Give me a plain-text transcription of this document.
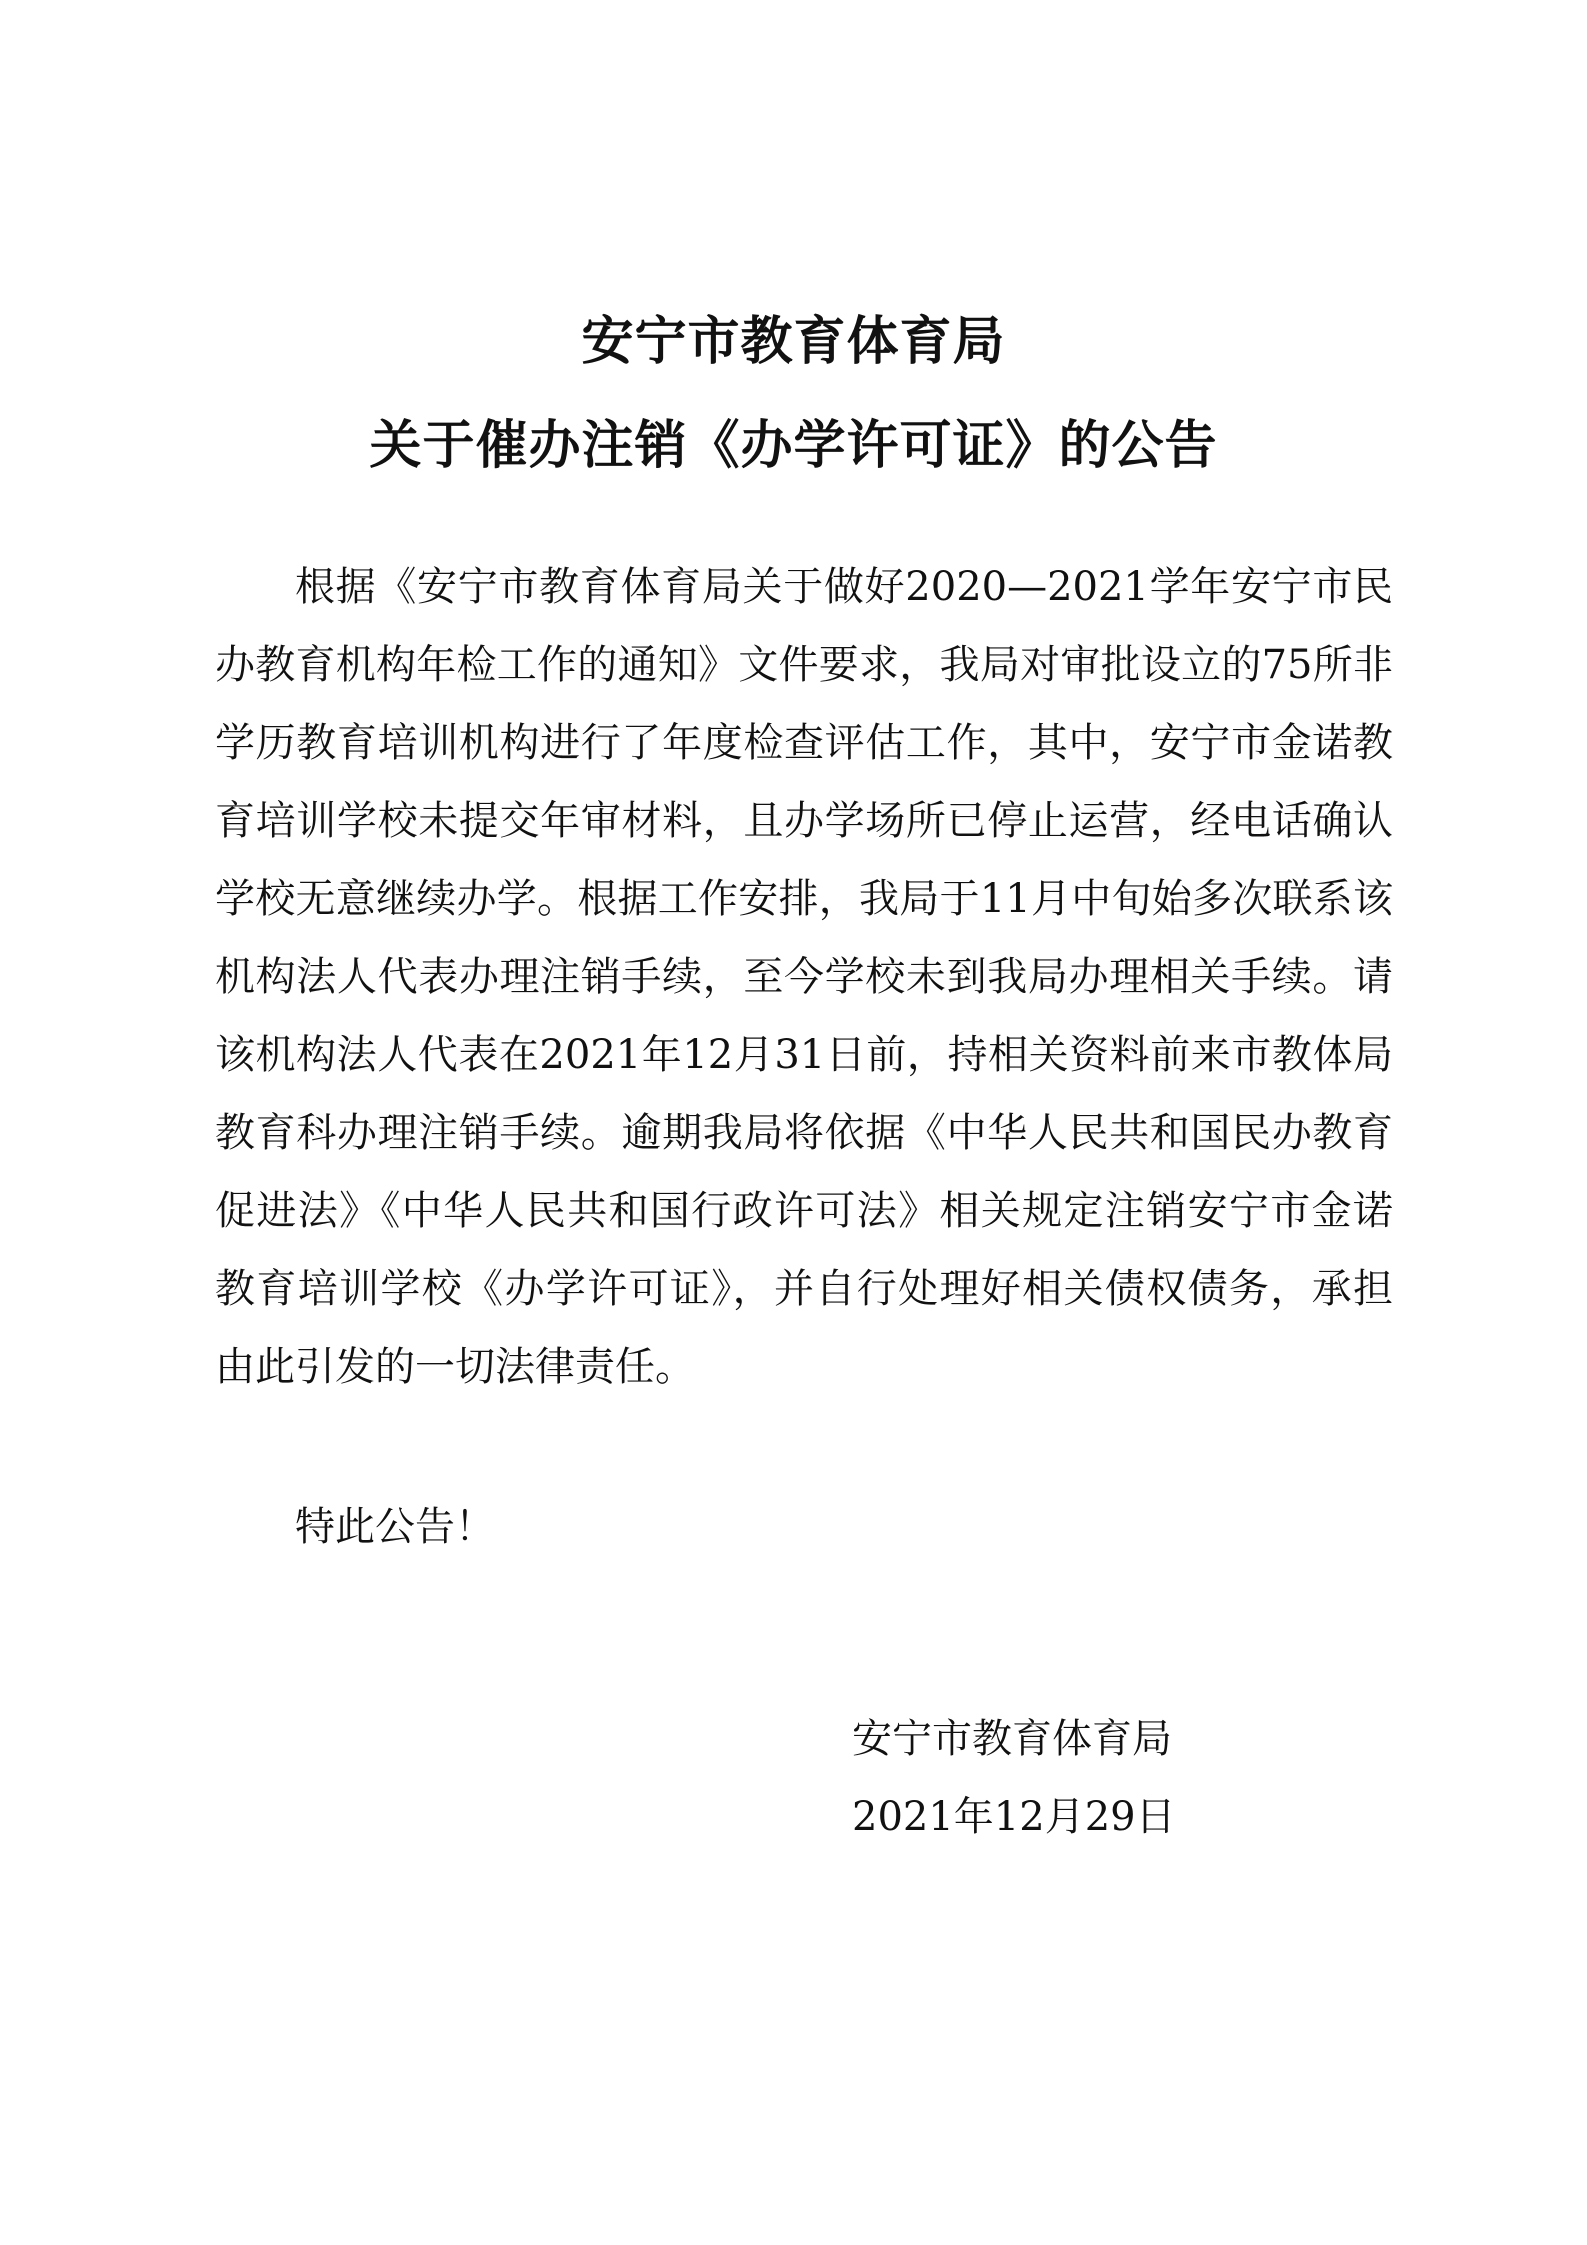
安宁市教育体育局
关于催办注销《办学许可证》的公告

根据《安宁市教育体育局关于做好2020—2021学年安宁市民办教育机构年检工作的通知》文件要求，我局对审批设立的75所非学历教育培训机构进行了年度检查评估工作，其中，安宁市金诺教育培训学校未提交年审材料，且办学场所已停止运营，经电话确认学校无意继续办学。根据工作安排，我局于11月中旬始多次联系该机构法人代表办理注销手续，至今学校未到我局办理相关手续。请该机构法人代表在2021年12月31日前，持相关资料前来市教体局教育科办理注销手续。逾期我局将依据《中华人民共和国民办教育促进法》《中华人民共和国行政许可法》相关规定注销安宁市金诺教育培训学校《办学许可证》，并自行处理好相关债权债务，承担由此引发的一切法律责任。

特此公告！

安宁市教育体育局
2021年12月29日
